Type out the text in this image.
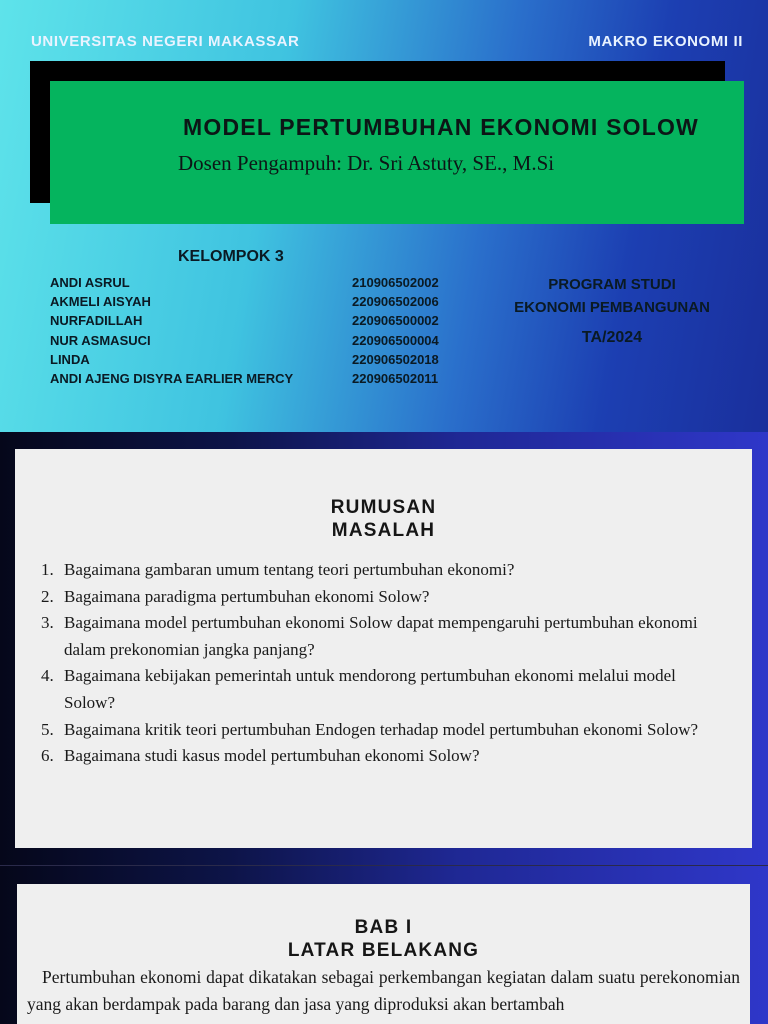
UNIVERSITAS NEGERI MAKASSAR	MAKRO EKONOMI II
MODEL PERTUMBUHAN EKONOMI SOLOW
Dosen Pengampuh: Dr. Sri Astuty, SE., M.Si
KELOMPOK 3
ANDI ASRUL	210906502002
AKMELI AISYAH	220906502006
NURFADILLAH	220906500002
NUR ASMASUCI	220906500004
LINDA	220906502018
ANDI AJENG DISYRA EARLIER MERCY	220906502011
PROGRAM STUDI
EKONOMI PEMBANGUNAN
TA/2024
RUMUSAN
MASALAH
1. Bagaimana gambaran umum tentang teori pertumbuhan ekonomi?
2. Bagaimana paradigma pertumbuhan ekonomi Solow?
3. Bagaimana model pertumbuhan ekonomi Solow dapat mempengaruhi pertumbuhan ekonomi dalam prekonomian jangka panjang?
4. Bagaimana kebijakan pemerintah untuk mendorong pertumbuhan ekonomi melalui model Solow?
5. Bagaimana kritik teori pertumbuhan Endogen terhadap model pertumbuhan ekonomi Solow?
6. Bagaimana studi kasus model pertumbuhan ekonomi Solow?
BAB I
LATAR BELAKANG
Pertumbuhan ekonomi dapat dikatakan sebagai perkembangan kegiatan dalam suatu perekonomian yang akan berdampak pada barang dan jasa yang diproduksi akan bertambah
